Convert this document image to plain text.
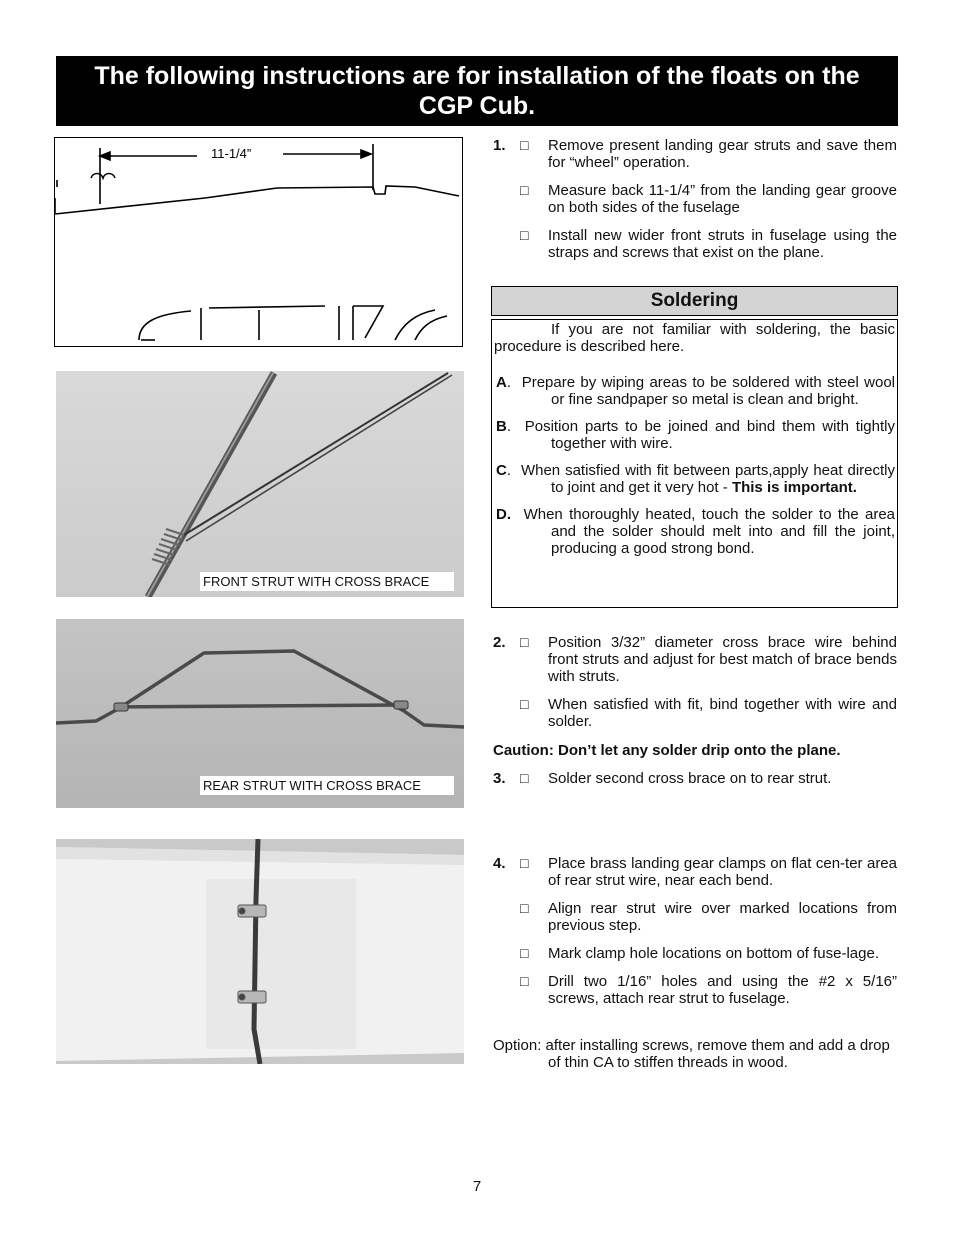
The following instructions are for installation of the floats on the CGP Cub.
11-1/4”
FRONT STRUT WITH CROSS BRACE
REAR STRUT WITH CROSS BRACE
1. □ Remove present landing gear struts and save them for “wheel” operation.
□ Measure back 11-1/4” from the landing gear groove on both sides of the fuselage
□ Install new wider front struts in fuselage using the straps and screws that exist on the plane.
Soldering
If you are not familiar with soldering, the basic procedure is described here.
A.  Prepare by wiping areas to be soldered with steel wool or fine sandpaper so metal is clean and bright.
B.  Position parts to be joined and bind them with tightly together with wire.
C.  When satisfied with fit between parts,apply heat directly to joint and get it very hot - This is important.
D. When thoroughly heated, touch the solder to the area and the solder should melt into and fill the joint, producing a good strong bond.
2. □ Position 3/32” diameter cross brace wire behind front struts and adjust for best match of brace bends with struts.
□ When satisfied with fit, bind together with wire and solder.
Caution: Don’t let any solder drip onto the plane.
3. □ Solder second cross brace on to rear strut.
4. □ Place brass landing gear clamps on flat cen-ter area of rear strut wire, near each bend.
□ Align rear strut wire over marked locations from previous step.
□ Mark clamp hole locations on bottom of fuse-lage.
□ Drill two 1/16” holes and using the #2 x 5/16” screws, attach rear strut to fuselage.
Option: after installing screws, remove them and add a drop of thin CA to stiffen threads in wood.
7
